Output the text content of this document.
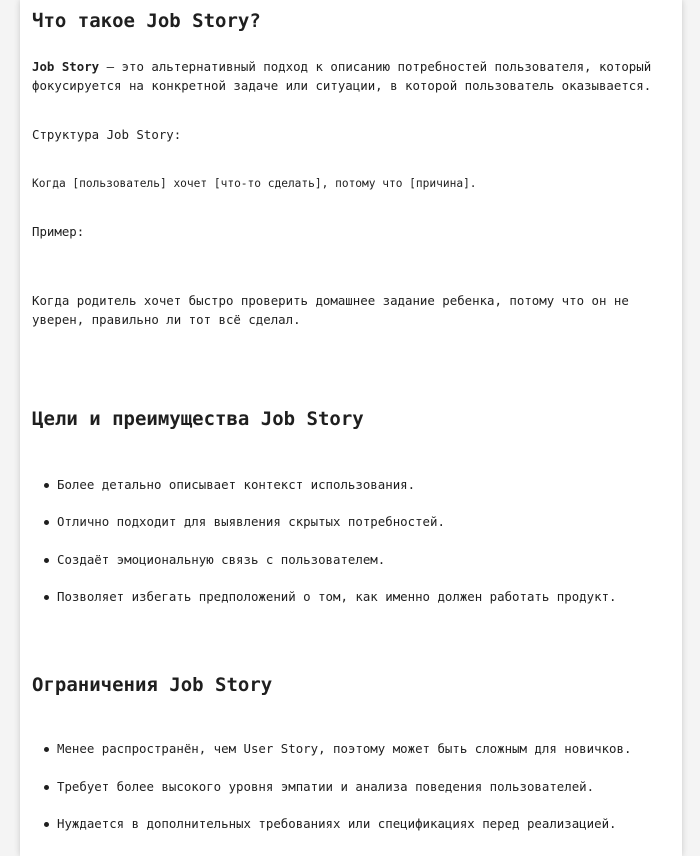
Что такое Job Story?

Job Story — это альтернативный подход к описанию потребностей пользователя, который фокусируется на конкретной задаче или ситуации, в которой пользователь оказывается.

Структура Job Story:

Когда [пользователь] хочет [что-то сделать], потому что [причина].

Пример:

Когда родитель хочет быстро проверить домашнее задание ребенка, потому что он не уверен, правильно ли тот всё сделал.

Цели и преимущества Job Story
Более детально описывает контекст использования.
Отлично подходит для выявления скрытых потребностей.
Создаёт эмоциональную связь с пользователем.
Позволяет избегать предположений о том, как именно должен работать продукт.
Ограничения Job Story
Менее распространён, чем User Story, поэтому может быть сложным для новичков.
Требует более высокого уровня эмпатии и анализа поведения пользователей.
Нуждается в дополнительных требованиях или спецификациях перед реализацией.
